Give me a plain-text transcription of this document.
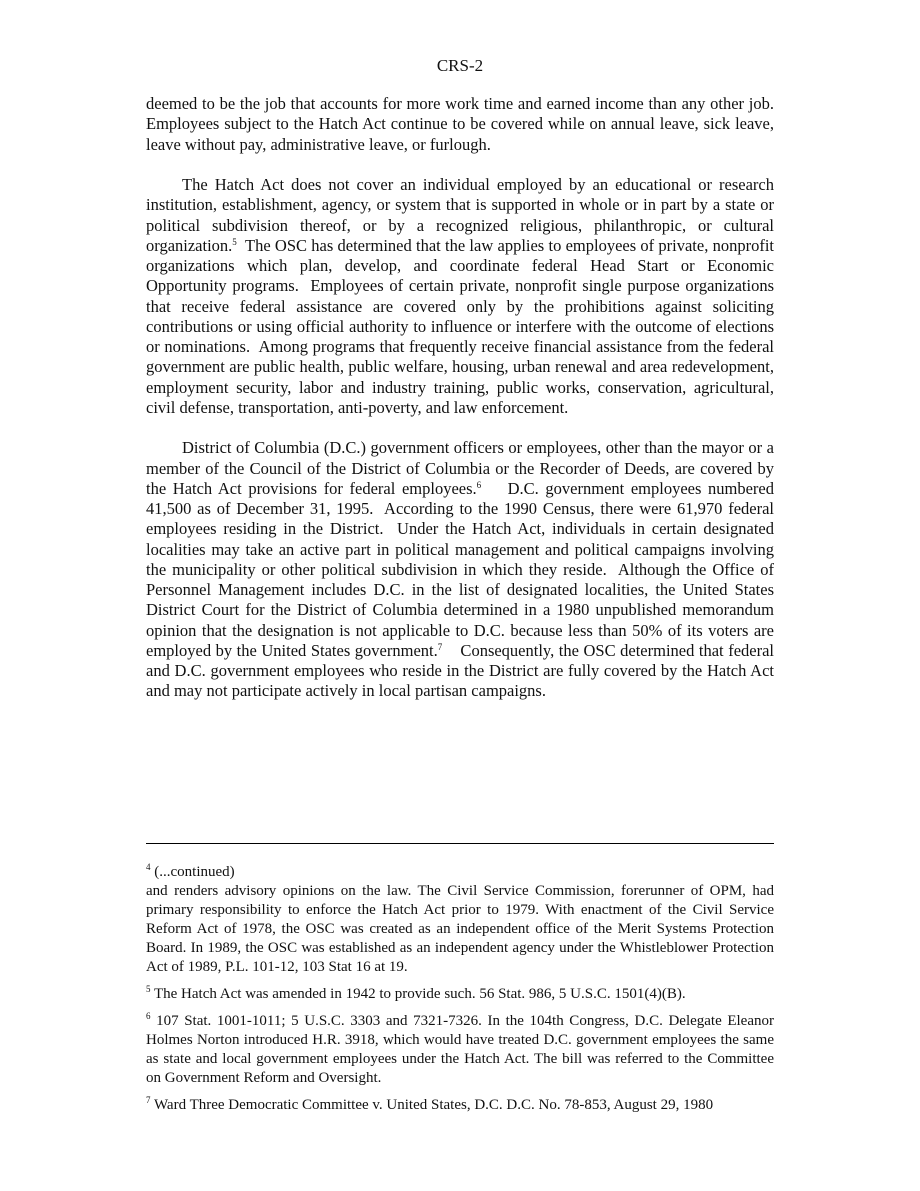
CRS-2

deemed to be the job that accounts for more work time and earned income than any other job. Employees subject to the Hatch Act continue to be covered while on annual leave, sick leave, leave without pay, administrative leave, or furlough.

The Hatch Act does not cover an individual employed by an educational or research institution, establishment, agency, or system that is supported in whole or in part by a state or political subdivision thereof, or by a recognized religious, philanthropic, or cultural organization.$^5$  The OSC has determined that the law applies to employees of private, nonprofit organizations which plan, develop, and coordinate federal Head Start or Economic Opportunity programs.  Employees of certain private, nonprofit single purpose organizations that receive federal assistance are covered only by the prohibitions against soliciting contributions or using official authority to influence or interfere with the outcome of elections or nominations.  Among programs that frequently receive financial assistance from the federal government are public health, public welfare, housing, urban renewal and area redevelopment, employment security, labor and industry training, public works, conservation, agricultural, civil defense, transportation, anti-poverty, and law enforcement.

District of Columbia (D.C.) government officers or employees, other than the mayor or a member of the Council of the District of Columbia or the Recorder of Deeds, are covered by the Hatch Act provisions for federal employees.$^6$    D.C. government employees numbered 41,500 as of December 31, 1995.  According to the 1990 Census, there were 61,970 federal employees residing in the District.  Under the Hatch Act, individuals in certain designated localities may take an active part in political management and political campaigns involving the municipality or other political subdivision in which they reside.  Although the Office of Personnel Management includes D.C. in the list of designated localities, the United States District Court for the District of Columbia determined in a 1980 unpublished memorandum opinion that the designation is not applicable to D.C. because less than 50% of its voters are employed by the United States government.$^7$    Consequently, the OSC determined that federal and D.C. government employees who reside in the District are fully covered by the Hatch Act and may not participate actively in local partisan campaigns.

$^4$ (...continued)
and renders advisory opinions on the law. The Civil Service Commission, forerunner of OPM, had primary responsibility to enforce the Hatch Act prior to 1979. With enactment of the Civil Service Reform Act of 1978, the OSC was created as an independent office of the Merit Systems Protection Board. In 1989, the OSC was established as an independent agency under the Whistleblower Protection Act of 1989, P.L. 101-12, 103 Stat 16 at 19.
$^5$ The Hatch Act was amended in 1942 to provide such. 56 Stat. 986, 5 U.S.C. 1501(4)(B).
$^6$ 107 Stat. 1001-1011; 5 U.S.C. 3303 and 7321-7326. In the 104th Congress, D.C. Delegate Eleanor Holmes Norton introduced H.R. 3918, which would have treated D.C. government employees the same as state and local government employees under the Hatch Act. The bill was referred to the Committee on Government Reform and Oversight.
$^7$ Ward Three Democratic Committee v. United States, D.C. D.C. No. 78-853, August 29, 1980
